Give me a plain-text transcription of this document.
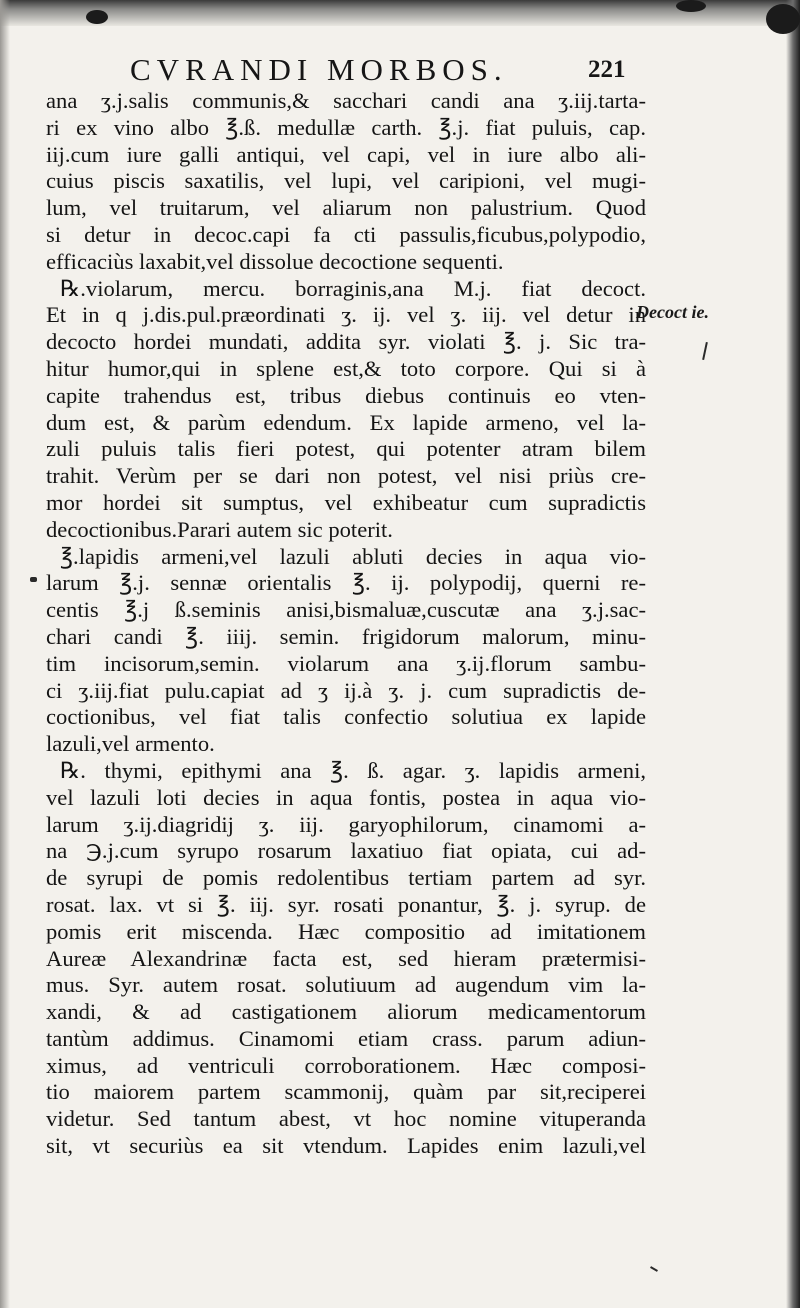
CVRANDI MORBOS.	221
ana ʒ.j.salis communis,& sacchari candi ana ʒ.iij.tarta-
ri ex vino albo ℥.ß. medullæ carth. ℥.j. fiat puluis, cap.
iij.cum iure galli antiqui, vel capi, vel in iure albo ali-
cuius piscis saxatilis, vel lupi, vel caripioni, vel mugi-
lum, vel truitarum, vel aliarum non palustrium. Quod
si detur in decoc.capi fa cti passulis,ficubus,polypodio,
efficaciùs laxabit,vel dissolue decoctione sequenti.
℞.violarum, mercu. borraginis,ana M.j. fiat decoct.
Et in q j.dis.pul.præordinati ʒ. ij. vel ʒ. iij. vel detur in
decocto hordei mundati, addita syr. violati ℥. j. Sic tra-
hitur humor,qui in splene est,& toto corpore. Qui si à
capite trahendus est, tribus diebus continuis eo vten-
dum est, & parùm edendum. Ex lapide armeno, vel la-
zuli puluis talis fieri potest, qui potenter atram bilem
trahit. Verùm per se dari non potest, vel nisi priùs cre-
mor hordei sit sumptus, vel exhibeatur cum supradictis
decoctionibus.Parari autem sic poterit.
℥.lapidis armeni,vel lazuli abluti decies in aqua vio-
larum ℥.j. sennæ orientalis ℥. ij. polypodij, querni re-
centis ℥.j ß.seminis anisi,bismaluæ,cuscutæ ana ʒ.j.sac-
chari candi ℥. iiij. semin. frigidorum malorum, minu-
tim incisorum,semin. violarum ana ʒ.ij.florum sambu-
ci ʒ.iij.fiat pulu.capiat ad ʒ ij.à ʒ. j. cum supradictis de-
coctionibus, vel fiat talis confectio solutiua ex lapide
lazuli,vel armento.
℞. thymi, epithymi ana ℥. ß. agar. ʒ. lapidis armeni,
vel lazuli loti decies in aqua fontis, postea in aqua vio-
larum ʒ.ij.diagridij ʒ. iij. garyophilorum, cinamomi a-
na ℈.j.cum syrupo rosarum laxatiuo fiat opiata, cui ad-
de syrupi de pomis redolentibus tertiam partem ad syr.
rosat. lax. vt si ℥. iij. syr. rosati ponantur, ℥. j. syrup. de
pomis erit miscenda. Hæc compositio ad imitationem
Aureæ Alexandrinæ facta est, sed hieram prætermisi-
mus. Syr. autem rosat. solutiuum ad augendum vim la-
xandi, & ad castigationem aliorum medicamentorum
tantùm addimus. Cinamomi etiam crass. parum adiun-
ximus, ad ventriculi corroborationem. Hæc composi-
tio maiorem partem scammonij, quàm par sit,reciperei
videtur. Sed tantum abest, vt hoc nomine vituperanda
sit, vt securiùs ea sit vtendum. Lapides enim lazuli,vel
Decoct ie.
